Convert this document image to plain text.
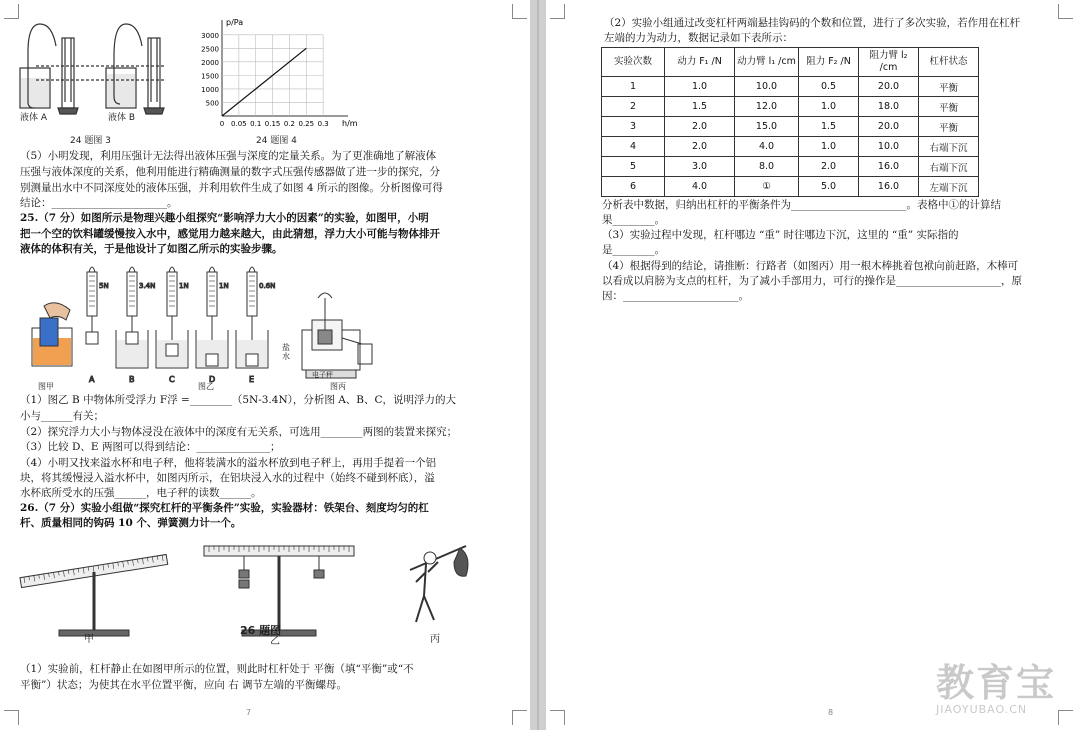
液体 A	液体 B
24 题图 3
3000
2500
2000
1500
1000
500
0 0.05 0.1 0.15 0.2 0.25 0.3
p/Pa
h/m
24 题图 4
（5）小明发现，利用压强计无法得出液体压强与深度的定量关系。为了更准确地了解液体
压强与液体深度的关系，他利用能进行精确测量的数字式压强传感器做了进一步的探究，分
别测量出水中不同深度处的液体压强，并利用软件生成了如图 4 所示的图像。分析图像可得
结论：______________________。
25.（7 分）如图所示是物理兴趣小组探究“影响浮力大小的因素”的实验，如图甲，小明
把一个空的饮料罐缓慢按入水中，感觉用力越来越大，由此猜想，浮力大小可能与物体排开
液体的体积有关，于是他设计了如图乙所示的实验步骤。
5N
A
3.4N
B
1N
C
1N
D
0.6N
E	电子秤
图甲	图乙	图丙
盐水
（1）图乙 B 中物体所受浮力 F浮 =________（5N-3.4N），分析图 A、B、C，说明浮力的大
小与______有关；
（2）探究浮力大小与物体浸没在液体中的深度有无关系，可选用________两图的装置来探究；
（3）比较 D、E 两图可以得到结论：______________；
（4）小明又找来溢水杯和电子秤，他将装满水的溢水杯放到电子秤上，再用手提着一个铝
块，将其缓慢浸入溢水杯中，如图丙所示，在铝块浸入水的过程中（始终不碰到杯底），溢
水杯底所受水的压强______，电子秤的读数______。
26.（7 分）实验小组做“探究杠杆的平衡条件”实验，实验器材：铁架台、刻度均匀的杠
杆、质量相同的钩码 10 个、弹簧测力计一个。
26 题图
甲	乙	丙
（1）实验前，杠杆静止在如图甲所示的位置，则此时杠杆处于 平衡（填“平衡”或“不
平衡”）状态；为使其在水平位置平衡，应向 右 调节左端的平衡螺母。
7
（2）实验小组通过改变杠杆两端悬挂钩码的个数和位置，进行了多次实验，若作用在杠杆
左端的力为动力，数据记录如下表所示：
实验次数	动力 F₁ /N	动力臂 l₁ /cm	阻力 F₂ /N	阻力臂 l₂ /cm	杠杆状态
1	1.0	10.0	0.5	20.0	平衡
2	1.5	12.0	1.0	18.0	平衡
3	2.0	15.0	1.5	20.0	平衡
4	2.0	4.0	1.0	10.0	右端下沉
5	3.0	8.0	2.0	16.0	右端下沉
6	4.0	①	5.0	16.0	左端下沉
分析表中数据，归纳出杠杆的平衡条件为______________________。表格中①的计算结
果________。
（3）实验过程中发现，杠杆哪边 “重” 时往哪边下沉，这里的 “重” 实际指的
是________。
（4）根据得到的结论，请推断：行路者（如图丙）用一根木棒挑着包袱向前赶路，木棒可
以看成以肩膀为支点的杠杆，为了减小手部用力，可行的操作是____________________，原
因：______________________。
8
教育宝
JIAOYUBAO.CN
